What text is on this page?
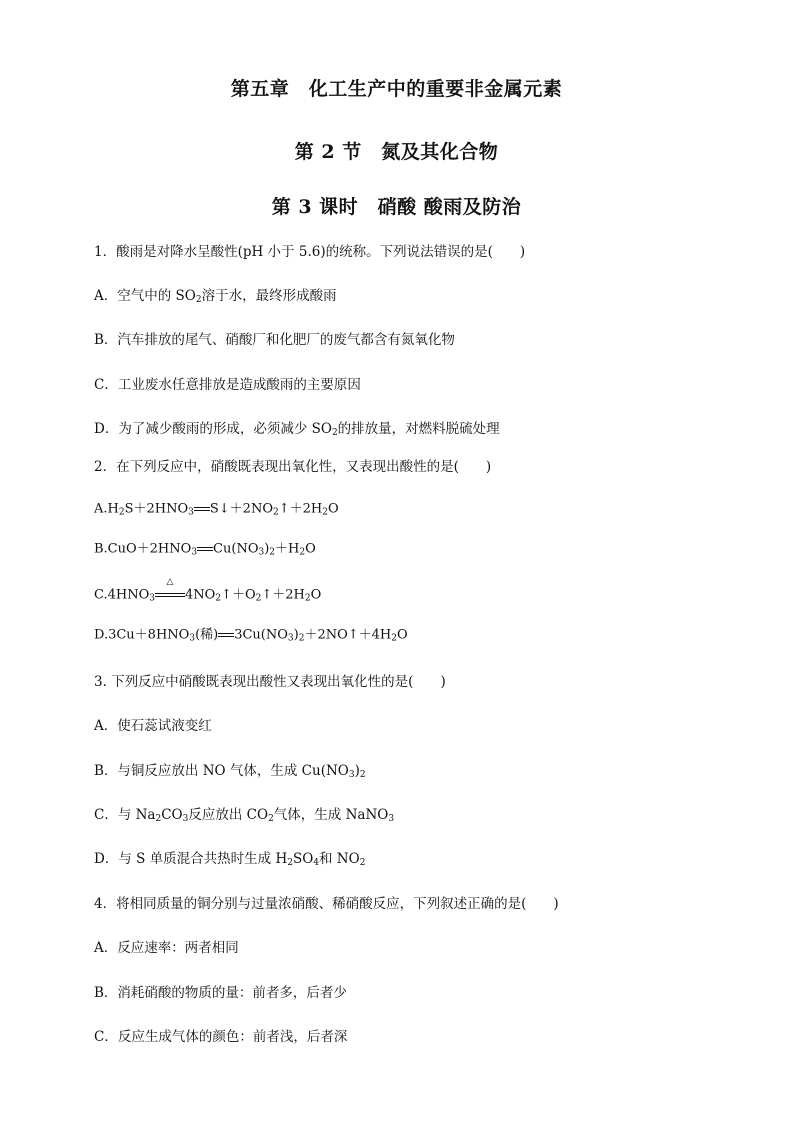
第五章　化工生产中的重要非金属元素
第 2 节　氮及其化合物
第 3 课时　硝酸 酸雨及防治
1．酸雨是对降水呈酸性(pH 小于 5.6)的统称。下列说法错误的是(　　)
A．空气中的 $SO_2$溶于水，最终形成酸雨
B．汽车排放的尾气、硝酸厂和化肥厂的废气都含有氮氧化物
C．工业废水任意排放是造成酸雨的主要原因
D．为了减少酸雨的形成，必须减少 $SO_2$的排放量，对燃料脱硫处理
2．在下列反应中，硝酸既表现出氧化性，又表现出酸性的是(　　)
$A.H_2S+2HNO_3$ $S↓+2NO_2↑+2H_2O$
$B.CuO+2HNO_3$ $Cu(NO_3)_2+H_2O$
$C.4HNO_3$
△
$4NO_2↑+O_2↑+2H_2O$
$D.3Cu+8HNO_3$(稀) $3Cu(NO_3)_2+2NO↑+4H_2O$
3. 下列反应中硝酸既表现出酸性又表现出氧化性的是(　　)
A．使石蕊试液变红
B．与铜反应放出 NO 气体，生成 $Cu(NO_3)_2$
C．与 $Na_2CO_3$反应放出 $CO_2$气体，生成 NaNO$_3$
D．与 S 单质混合共热时生成 $H_2SO_4$和 $NO_2$
4．将相同质量的铜分别与过量浓硝酸、稀硝酸反应，下列叙述正确的是(　　)
A．反应速率：两者相同
B．消耗硝酸的物质的量：前者多，后者少
C．反应生成气体的颜色：前者浅，后者深
